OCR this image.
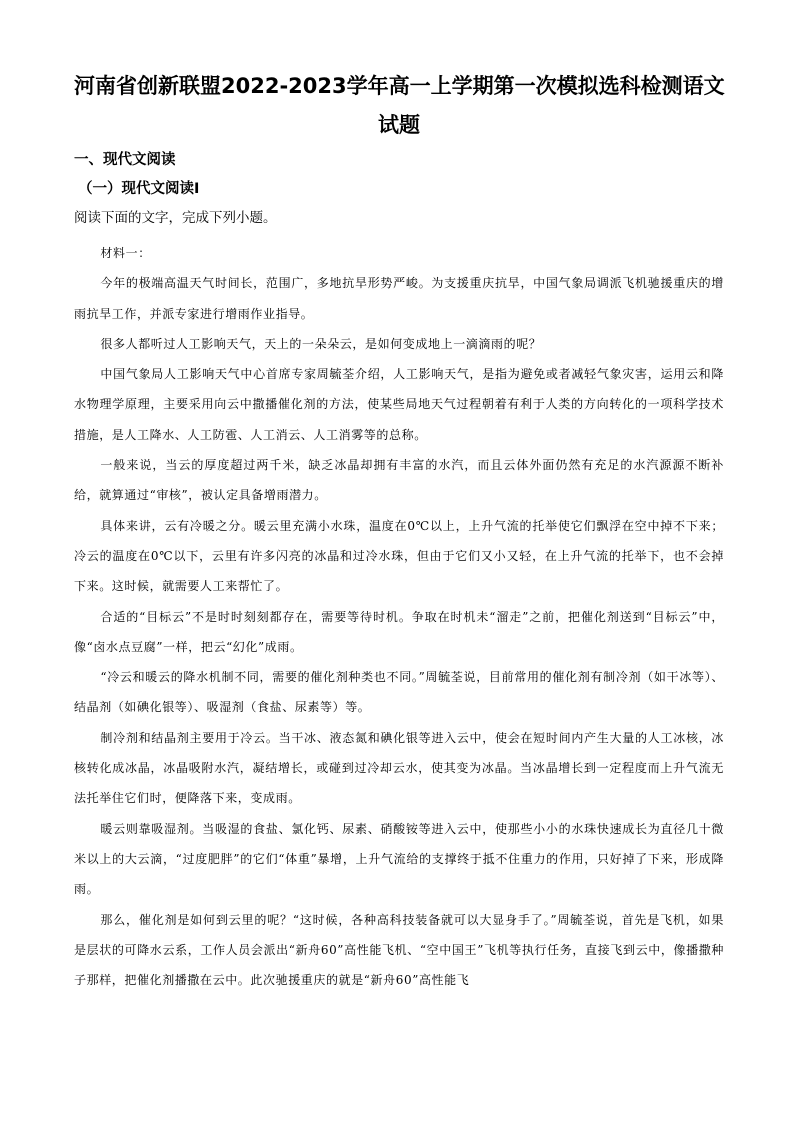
河南省创新联盟2022-2023学年高一上学期第一次模拟选科检测语文
试题
一、现代文阅读
（一）现代文阅读Ⅰ
阅读下面的文字，完成下列小题。

材料一：

今年的极端高温天气时间长，范围广，多地抗旱形势严峻。为支援重庆抗旱，中国气象局调派飞机驰援重庆的增雨抗旱工作，并派专家进行增雨作业指导。

很多人都听过人工影响天气，天上的一朵朵云，是如何变成地上一滴滴雨的呢？

中国气象局人工影响天气中心首席专家周毓荃介绍，人工影响天气，是指为避免或者减轻气象灾害，运用云和降水物理学原理，主要采用向云中撒播催化剂的方法，使某些局地天气过程朝着有利于人类的方向转化的一项科学技术措施，是人工降水、人工防雹、人工消云、人工消雾等的总称。

一般来说，当云的厚度超过两千米，缺乏冰晶却拥有丰富的水汽，而且云体外面仍然有充足的水汽源源不断补给，就算通过“审核”，被认定具备增雨潜力。

具体来讲，云有冷暖之分。暖云里充满小水珠，温度在0℃以上，上升气流的托举使它们飘浮在空中掉不下来；冷云的温度在0℃以下，云里有许多闪亮的冰晶和过冷水珠，但由于它们又小又轻，在上升气流的托举下，也不会掉下来。这时候，就需要人工来帮忙了。

合适的“目标云”不是时时刻刻都存在，需要等待时机。争取在时机未“溜走”之前，把催化剂送到“目标云”中，像“卤水点豆腐”一样，把云“幻化”成雨。

“冷云和暖云的降水机制不同，需要的催化剂种类也不同。”周毓荃说，目前常用的催化剂有制冷剂（如干冰等）、结晶剂（如碘化银等）、吸湿剂（食盐、尿素等）等。

制冷剂和结晶剂主要用于冷云。当干冰、液态氮和碘化银等进入云中，使会在短时间内产生大量的人工冰核，冰核转化成冰晶，冰晶吸附水汽，凝结增长，或碰到过冷却云水，使其变为冰晶。当冰晶增长到一定程度而上升气流无法托举住它们时，便降落下来，变成雨。

暖云则靠吸湿剂。当吸湿的食盐、氯化钙、尿素、硝酸铵等进入云中，使那些小小的水珠快速成长为直径几十微米以上的大云滴，“过度肥胖”的它们“体重”暴增，上升气流给的支撑终于抵不住重力的作用，只好掉了下来，形成降雨。

那么，催化剂是如何到云里的呢？“这时候，各种高科技装备就可以大显身手了。”周毓荃说，首先是飞机，如果是层状的可降水云系，工作人员会派出“新舟60”高性能飞机、“空中国王”飞机等执行任务，直接飞到云中，像播撒种子那样，把催化剂播撒在云中。此次驰援重庆的就是“新舟60”高性能飞
